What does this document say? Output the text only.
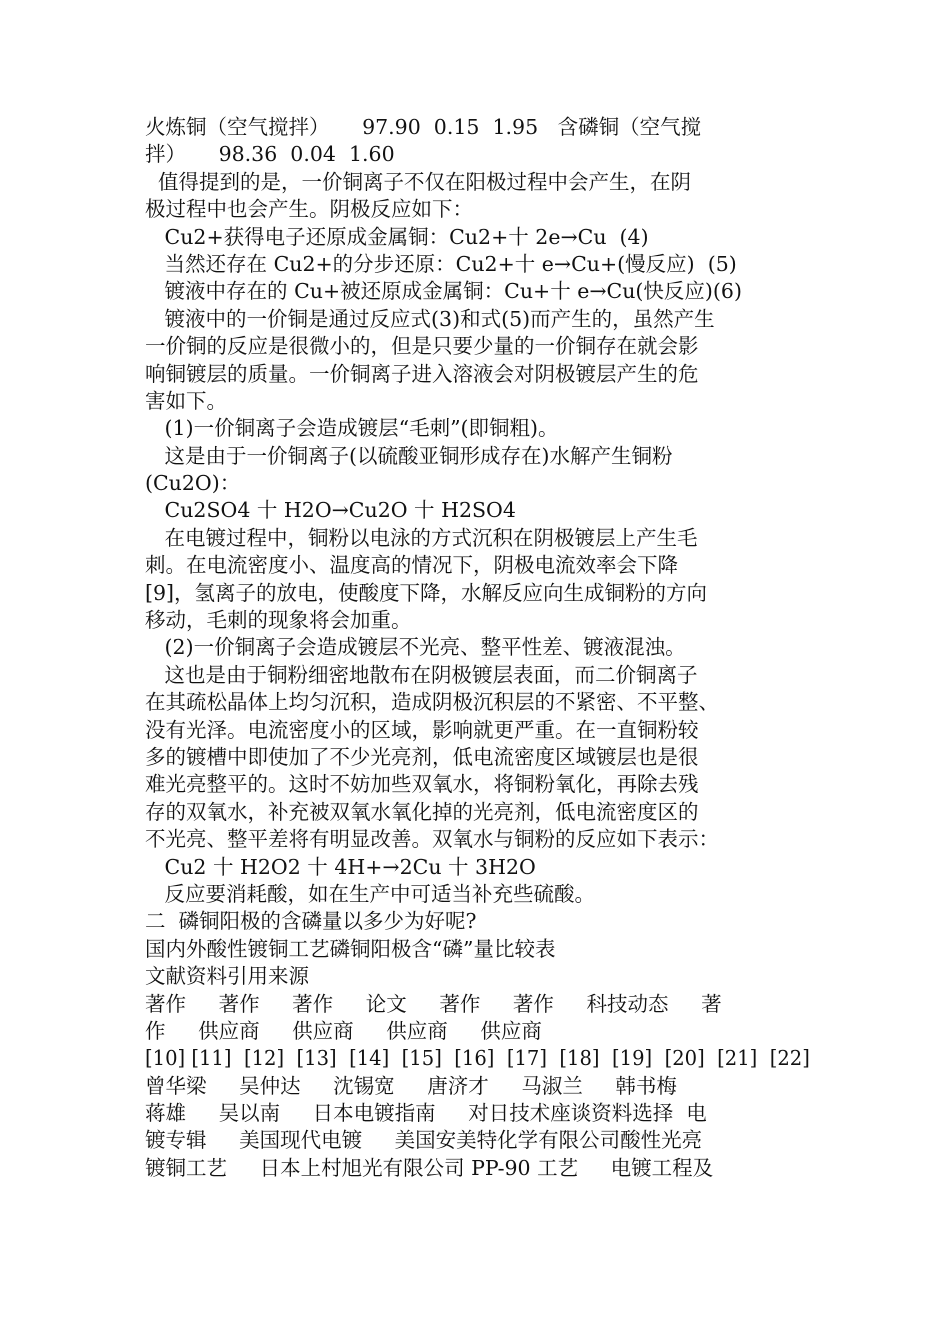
火炼铜（空气搅拌）     97.90  0.15  1.95   含磷铜（空气搅
拌）     98.36  0.04  1.60
值得提到的是，一价铜离子不仅在阳极过程中会产生，在阴
极过程中也会产生。阴极反应如下：
Cu2+获得电子还原成金属铜：Cu2+十 2e→Cu  (4)
当然还存在 Cu2+的分步还原：Cu2+十 e→Cu+(慢反应)  (5)
镀液中存在的 Cu+被还原成金属铜：Cu+十 e→Cu(快反应)(6)
镀液中的一价铜是通过反应式(3)和式(5)而产生的，虽然产生
一价铜的反应是很微小的，但是只要少量的一价铜存在就会影
响铜镀层的质量。一价铜离子进入溶液会对阴极镀层产生的危
害如下。
(1)一价铜离子会造成镀层“毛刺”(即铜粗)。
这是由于一价铜离子(以硫酸亚铜形成存在)水解产生铜粉
(Cu2O)：
Cu2SO4 十 H2O→Cu2O 十 H2SO4
在电镀过程中，铜粉以电泳的方式沉积在阴极镀层上产生毛
刺。在电流密度小、温度高的情况下，阴极电流效率会下降
[9]，氢离子的放电，使酸度下降，水解反应向生成铜粉的方向
移动，毛刺的现象将会加重。
(2)一价铜离子会造成镀层不光亮、整平性差、镀液混浊。
这也是由于铜粉细密地散布在阴极镀层表面，而二价铜离子
在其疏松晶体上均匀沉积，造成阴极沉积层的不紧密、不平整、
没有光泽。电流密度小的区域，影响就更严重。在一直铜粉较
多的镀槽中即使加了不少光亮剂，低电流密度区域镀层也是很
难光亮整平的。这时不妨加些双氧水，将铜粉氧化，再除去残
存的双氧水，补充被双氧水氧化掉的光亮剂，低电流密度区的
不光亮、整平差将有明显改善。双氧水与铜粉的反应如下表示：
Cu2 十 H2O2 十 4H+→2Cu 十 3H2O
反应要消耗酸，如在生产中可适当补充些硫酸。
二  磷铜阳极的含磷量以多少为好呢?
国内外酸性镀铜工艺磷铜阳极含“磷”量比较表
文献资料引用来源
著作     著作     著作     论文     著作     著作     科技动态     著
作     供应商     供应商     供应商     供应商
[10] [11]  [12]  [13]  [14]  [15]  [16]  [17]  [18]  [19]  [20]  [21]  [22]
曾华梁     吴仲达     沈锡宽     唐济才     马淑兰     韩书梅
蒋雄     吴以南     日本电镀指南     对日技术座谈资料选择  电
镀专辑     美国现代电镀     美国安美特化学有限公司酸性光亮
镀铜工艺     日本上村旭光有限公司 PP-90 工艺     电镀工程及
